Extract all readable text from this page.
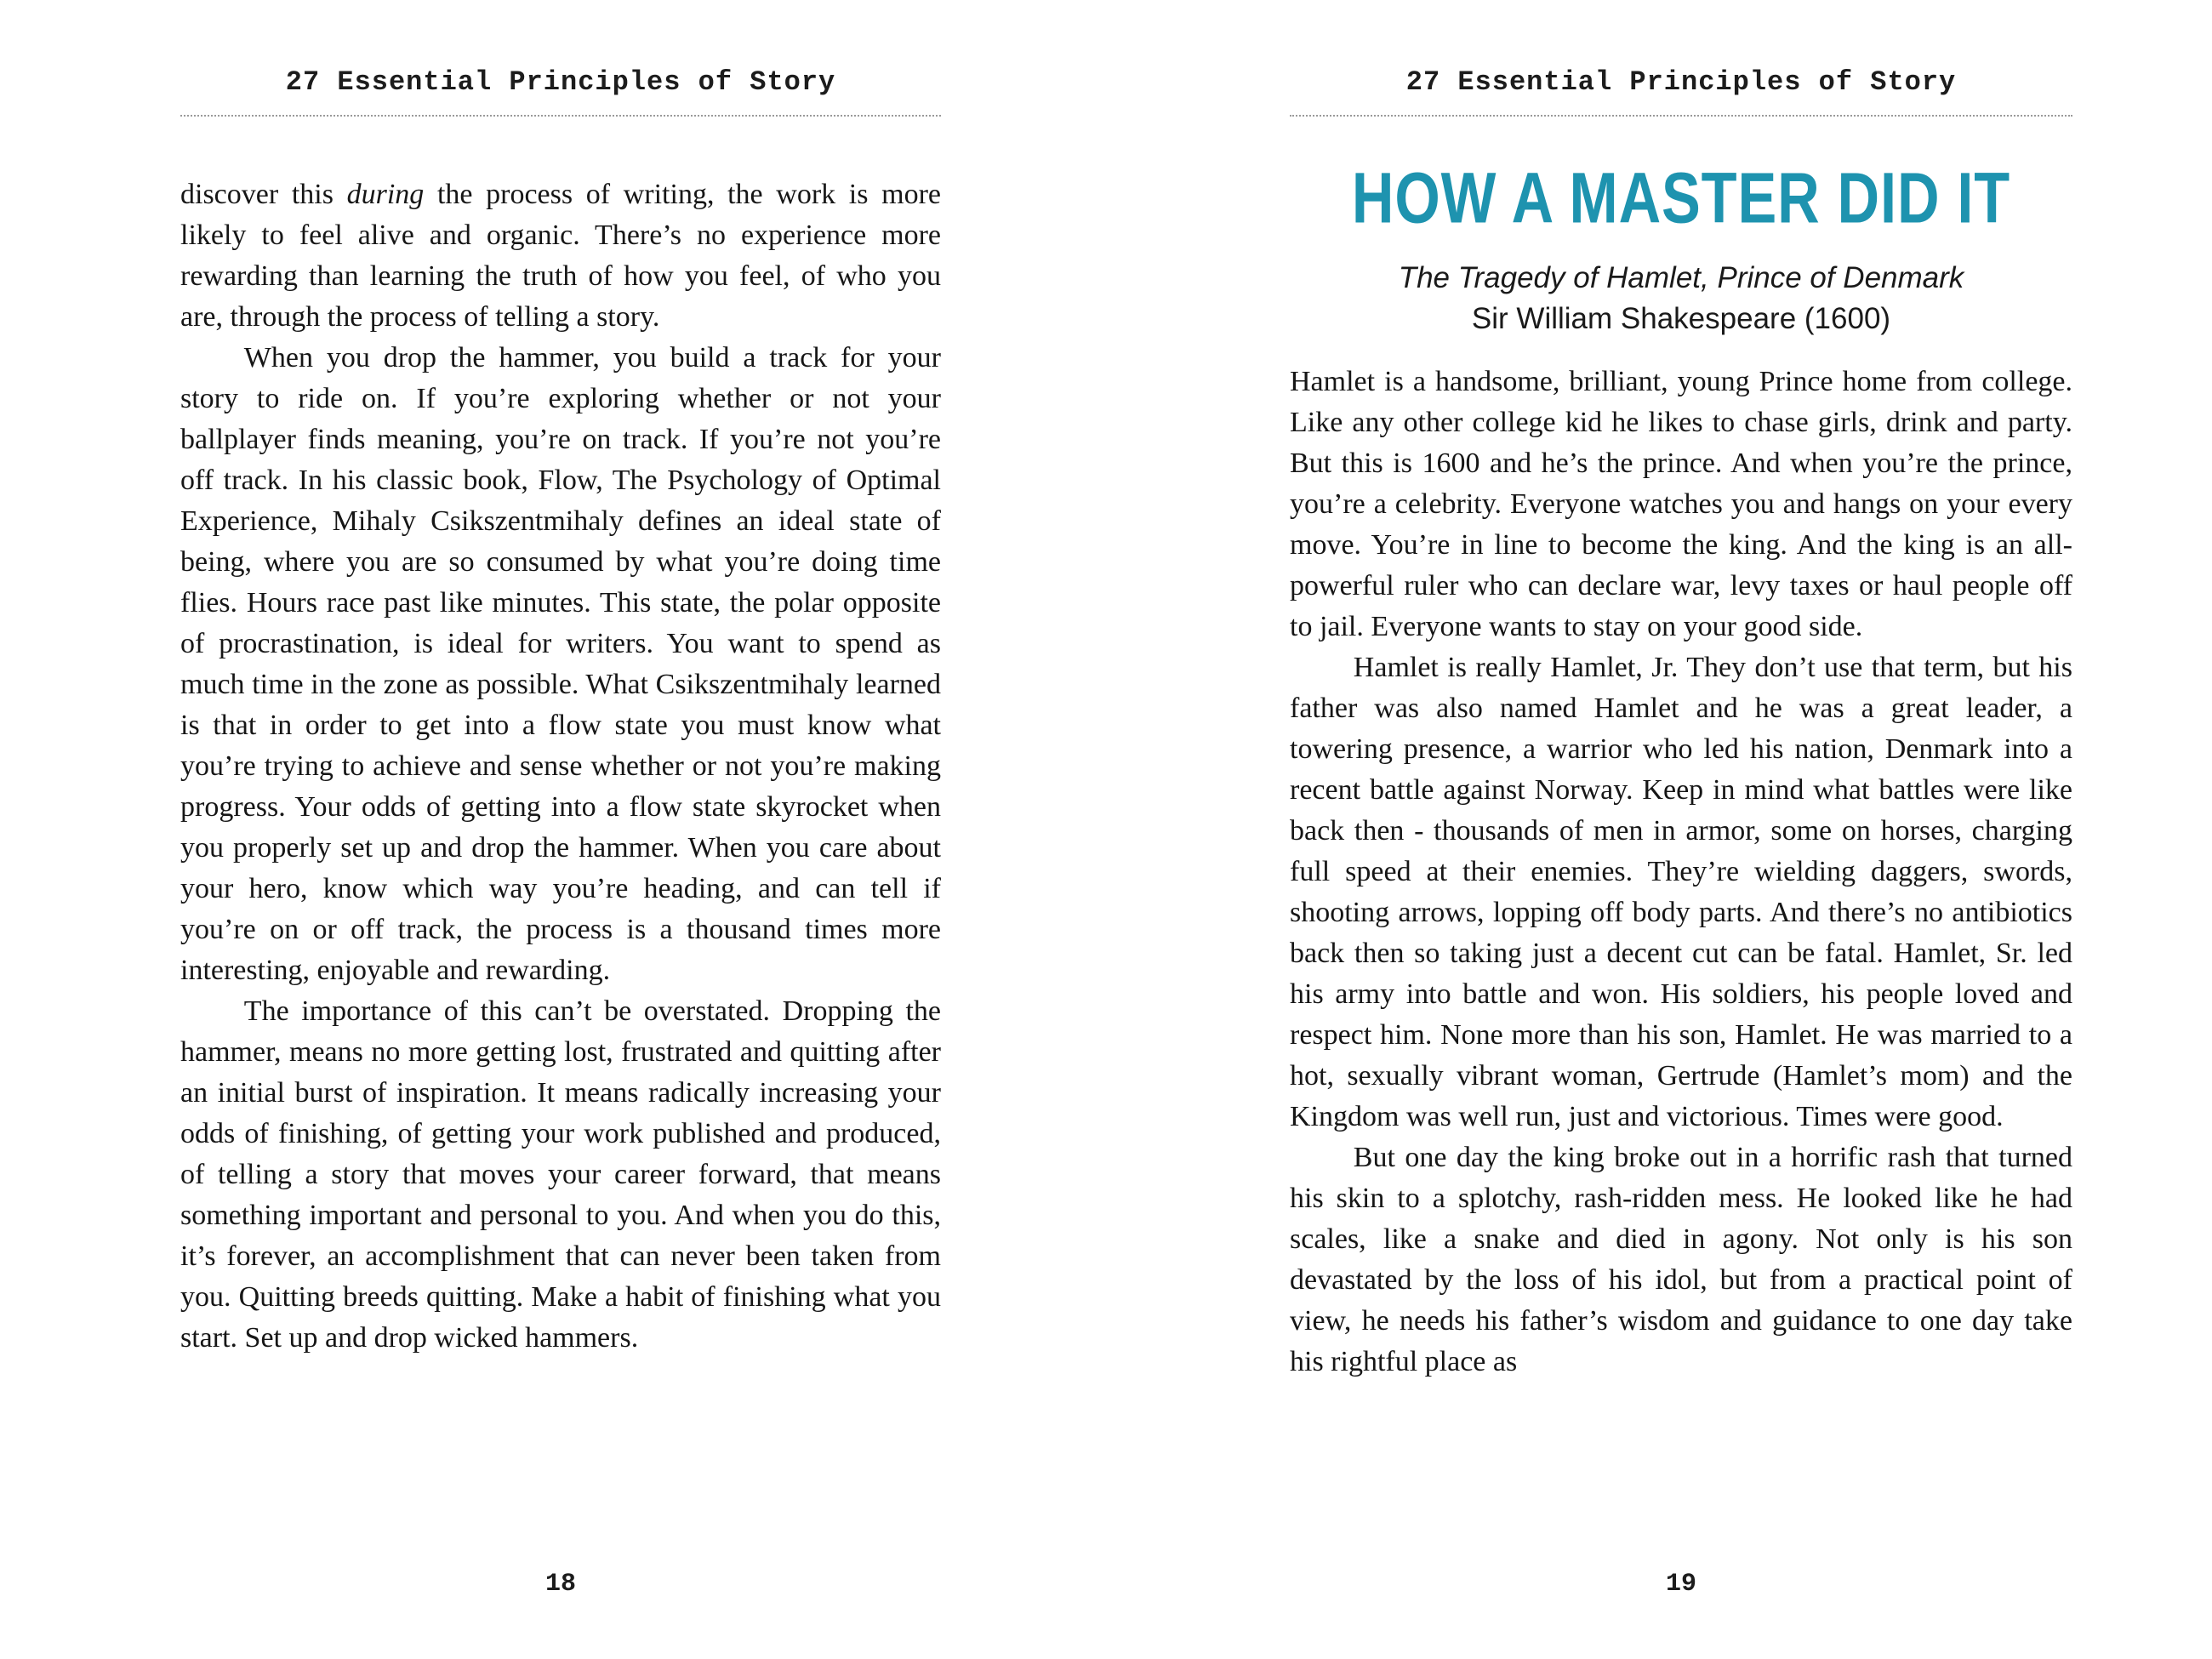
27 Essential Principles of Story

discover this during the process of writing, the work is more likely to feel alive and organic. There’s no experience more rewarding than learning the truth of how you feel, of who you are, through the process of telling a story.

When you drop the hammer, you build a track for your story to ride on. If you’re exploring whether or not your ballplayer finds meaning, you’re on track. If you’re not you’re off track. In his classic book, Flow, The Psychology of Optimal Experience, Mihaly Csikszentmihaly defines an ideal state of being, where you are so consumed by what you’re doing time flies. Hours race past like minutes. This state, the polar opposite of procrastination, is ideal for writers. You want to spend as much time in the zone as possible. What Csikszentmihaly learned is that in order to get into a flow state you must know what you’re trying to achieve and sense whether or not you’re making progress. Your odds of getting into a flow state skyrocket when you properly set up and drop the hammer. When you care about your hero, know which way you’re heading, and can tell if you’re on or off track, the process is a thousand times more interesting, enjoyable and rewarding.

The importance of this can’t be overstated. Dropping the hammer, means no more getting lost, frustrated and quitting after an initial burst of inspiration. It means radically increasing your odds of finishing, of getting your work published and produced, of telling a story that moves your career forward, that means something important and personal to you. And when you do this, it’s forever, an accomplishment that can never been taken from you. Quitting breeds quitting. Make a habit of finishing what you start. Set up and drop wicked hammers.

18
27 Essential Principles of Story
HOW A MASTER DID IT
The Tragedy of Hamlet, Prince of Denmark
Sir William Shakespeare (1600)

Hamlet is a handsome, brilliant, young Prince home from college. Like any other college kid he likes to chase girls, drink and party. But this is 1600 and he’s the prince. And when you’re the prince, you’re a celebrity. Everyone watches you and hangs on your every move. You’re in line to become the king. And the king is an all-powerful ruler who can declare war, levy taxes or haul people off to jail. Everyone wants to stay on your good side.

Hamlet is really Hamlet, Jr. They don’t use that term, but his father was also named Hamlet and he was a great leader, a towering presence, a warrior who led his nation, Denmark into a recent battle against Norway. Keep in mind what battles were like back then - thousands of men in armor, some on horses, charging full speed at their enemies. They’re wielding daggers, swords, shooting arrows, lopping off body parts. And there’s no antibiotics back then so taking just a decent cut can be fatal. Hamlet, Sr. led his army into battle and won. His soldiers, his people loved and respect him. None more than his son, Hamlet. He was married to a hot, sexually vibrant woman, Gertrude (Hamlet’s mom) and the Kingdom was well run, just and victorious. Times were good.

But one day the king broke out in a horrific rash that turned his skin to a splotchy, rash-ridden mess. He looked like he had scales, like a snake and died in agony. Not only is his son devastated by the loss of his idol, but from a practical point of view, he needs his father’s wisdom and guidance to one day take his rightful place as

19
